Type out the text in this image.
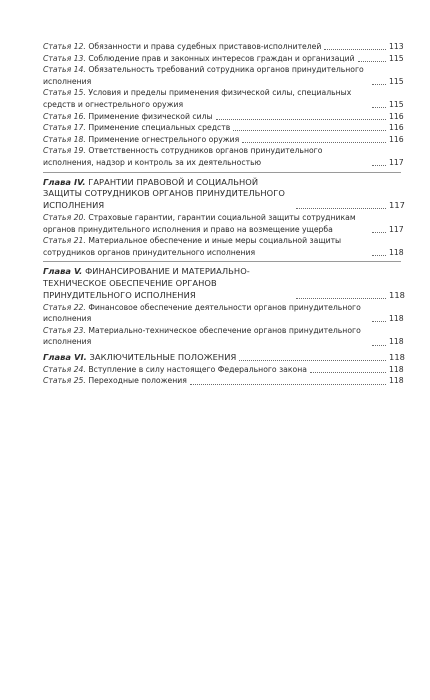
Статья 12. Обязанности и права судебных приставов-исполнителей	113
Статья 13. Соблюдение прав и законных интересов граждан и организаций	115
Статья 14. Обязательность требований сотрудника органов принудительного исполнения	115
Статья 15. Условия и пределы применения физической силы, специальных средств и огнестрельного оружия	115
Статья 16. Применение физической силы	116
Статья 17. Применение специальных средств	116
Статья 18. Применение огнестрельного оружия	116
Статья 19. Ответственность сотрудников органов принудительного исполнения, надзор и контроль за их деятельностью	117
Глава IV. ГАРАНТИИ ПРАВОВОЙ И СОЦИАЛЬНОЙ ЗАЩИТЫ СОТРУДНИКОВ ОРГАНОВ ПРИНУДИТЕЛЬНОГО ИСПОЛНЕНИЯ	117
Статья 20. Страховые гарантии, гарантии социальной защиты сотрудникам органов принудительного исполнения и право на возмещение ущерба	117
Статья 21. Материальное обеспечение и иные меры социальной защиты сотрудников органов принудительного исполнения	118
Глава V. ФИНАНСИРОВАНИЕ И МАТЕРИАЛЬНО-ТЕХНИЧЕСКОЕ ОБЕСПЕЧЕНИЕ ОРГАНОВ ПРИНУДИТЕЛЬНОГО ИСПОЛНЕНИЯ	118
Статья 22. Финансовое обеспечение деятельности органов принудительного исполнения	118
Статья 23. Материально-техническое обеспечение органов принудительного исполнения	118
Глава VI. ЗАКЛЮЧИТЕЛЬНЫЕ ПОЛОЖЕНИЯ	118
Статья 24. Вступление в силу настоящего Федерального закона	118
Статья 25. Переходные положения	118
